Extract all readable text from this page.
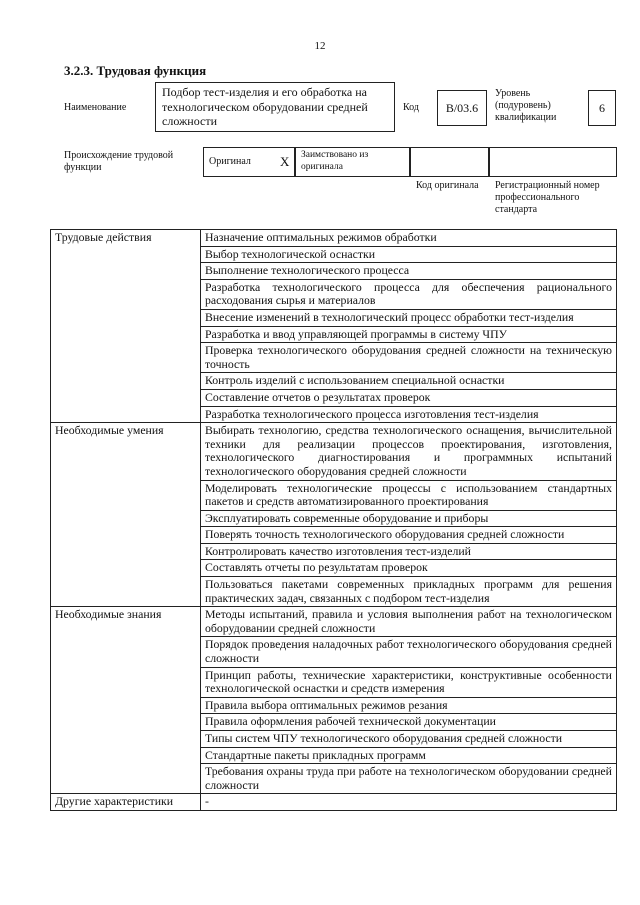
12
3.2.3. Трудовая функция
Наименование
Подбор тест-изделия и его обработка на технологическом оборудовании средней сложности
Код В/03.6
Уровень (подуровень) квалификации
6
Происхождение трудовой функции
Оригинал X Заимствовано из оригинала
Код оригинала Регистрационный номер профессионального стандарта
Трудовые действия	Назначение оптимальных режимов обработки
	Выбор технологической оснастки
	Выполнение технологического процесса
	Разработка технологического процесса для обеспечения рационального расходования сырья и материалов
	Внесение изменений в технологический процесс обработки тест-изделия
	Разработка и ввод управляющей программы в систему ЧПУ
	Проверка технологического оборудования средней сложности на техническую точность
	Контроль изделий с использованием специальной оснастки
	Составление отчетов о результатах проверок
	Разработка технологического процесса изготовления тест-изделия
Необходимые умения	Выбирать технологию, средства технологического оснащения, вычислительной техники для реализации процессов проектирования, изготовления, технологического диагностирования и программных испытаний технологического оборудования средней сложности
	Моделировать технологические процессы с использованием стандартных пакетов и средств автоматизированного проектирования
	Эксплуатировать современные оборудование и приборы
	Поверять точность технологического оборудования средней сложности
	Контролировать качество изготовления тест-изделий
	Составлять отчеты по результатам проверок
	Пользоваться пакетами современных прикладных программ для решения практических задач, связанных с подбором тест-изделия
Необходимые знания	Методы испытаний, правила и условия выполнения работ на технологическом оборудовании средней сложности
	Порядок проведения наладочных работ технологического оборудования средней сложности
	Принцип работы, технические характеристики, конструктивные особенности технологической оснастки и средств измерения
	Правила выбора оптимальных режимов резания
	Правила оформления рабочей технической документации
	Типы систем ЧПУ технологического оборудования средней сложности
	Стандартные пакеты прикладных программ
	Требования охраны труда при работе на технологическом оборудовании средней сложности
Другие характеристики	-
